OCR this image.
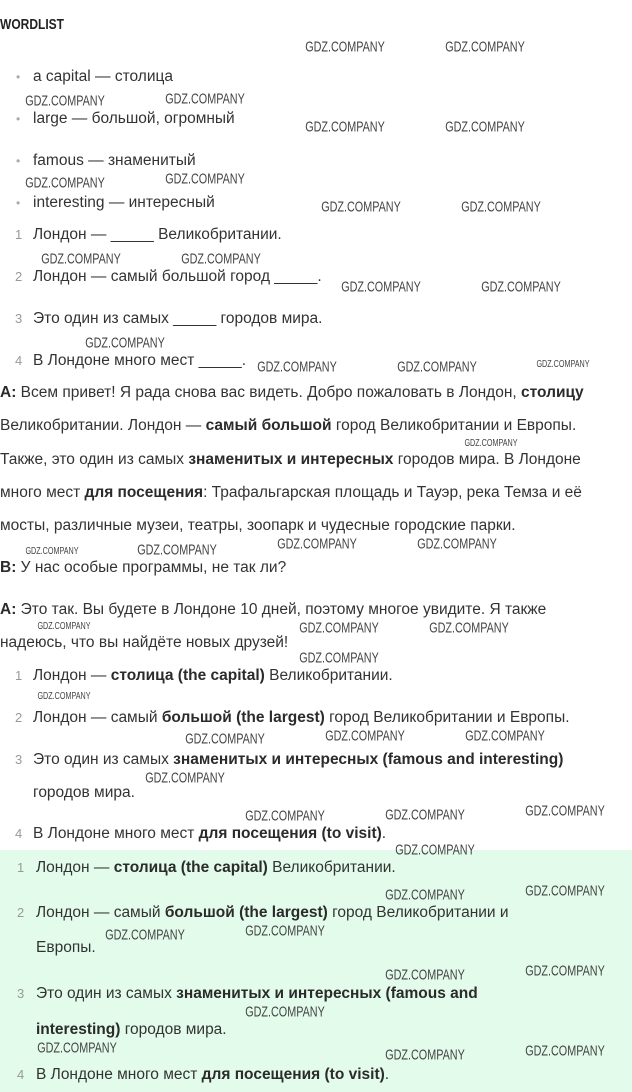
WORDLIST
• a capital — столица
• large — большой, огромный
• famous — знаменитый
• interesting — интересный
1 Лондон — _____ Великобритании.
2 Лондон — самый большой город _____.
3 Это один из самых _____ городов мира.
4 В Лондоне много мест _____.
A: Всем привет! Я рада снова вас видеть. Добро пожаловать в Лондон, столицу
Великобритании. Лондон — самый большой город Великобритании и Европы.
Также, это один из самых знаменитых и интересных городов мира. В Лондоне
много мест для посещения: Трафальгарская площадь и Тауэр, река Темза и её
мосты, различные музеи, театры, зоопарк и чудесные городские парки.
B: У нас особые программы, не так ли?
A: Это так. Вы будете в Лондоне 10 дней, поэтому многое увидите. Я также
надеюсь, что вы найдёте новых друзей!
1 Лондон — столица (the capital) Великобритании.
2 Лондон — самый большой (the largest) город Великобритании и Европы.
3 Это один из самых знаменитых и интересных (famous and interesting)
городов мира.
4 В Лондоне много мест для посещения (to visit).
1 Лондон — столица (the capital) Великобритании.
2 Лондон — самый большой (the largest) город Великобритании и
Европы.
3 Это один из самых знаменитых и интересных (famous and
interesting) городов мира.
4 В Лондоне много мест для посещения (to visit).
GDZ.COMPANY	GDZ.COMPANY
GDZ.COMPANY	GDZ.COMPANY
GDZ.COMPANY	GDZ.COMPANY
GDZ.COMPANY	GDZ.COMPANY
GDZ.COMPANY	GDZ.COMPANY
GDZ.COMPANY	GDZ.COMPANY
GDZ.COMPANY	GDZ.COMPANY
GDZ.COMPANY
GDZ.COMPANY	GDZ.COMPANY	GDZ.COMPANY
GDZ.COMPANY
GDZ.COMPANY	GDZ.COMPANY
GDZ.COMPANY	GDZ.COMPANY
GDZ.COMPANY	GDZ.COMPANY
GDZ.COMPANY
GDZ.COMPANY
GDZ.COMPANY
GDZ.COMPANY	GDZ.COMPANY	GDZ.COMPANY
GDZ.COMPANY
GDZ.COMPANY	GDZ.COMPANY	GDZ.COMPANY
GDZ.COMPANY
GDZ.COMPANY	GDZ.COMPANY
GDZ.COMPANY	GDZ.COMPANY
GDZ.COMPANY	GDZ.COMPANY
GDZ.COMPANY
GDZ.COMPANY	GDZ.COMPANY	GDZ.COMPANY
